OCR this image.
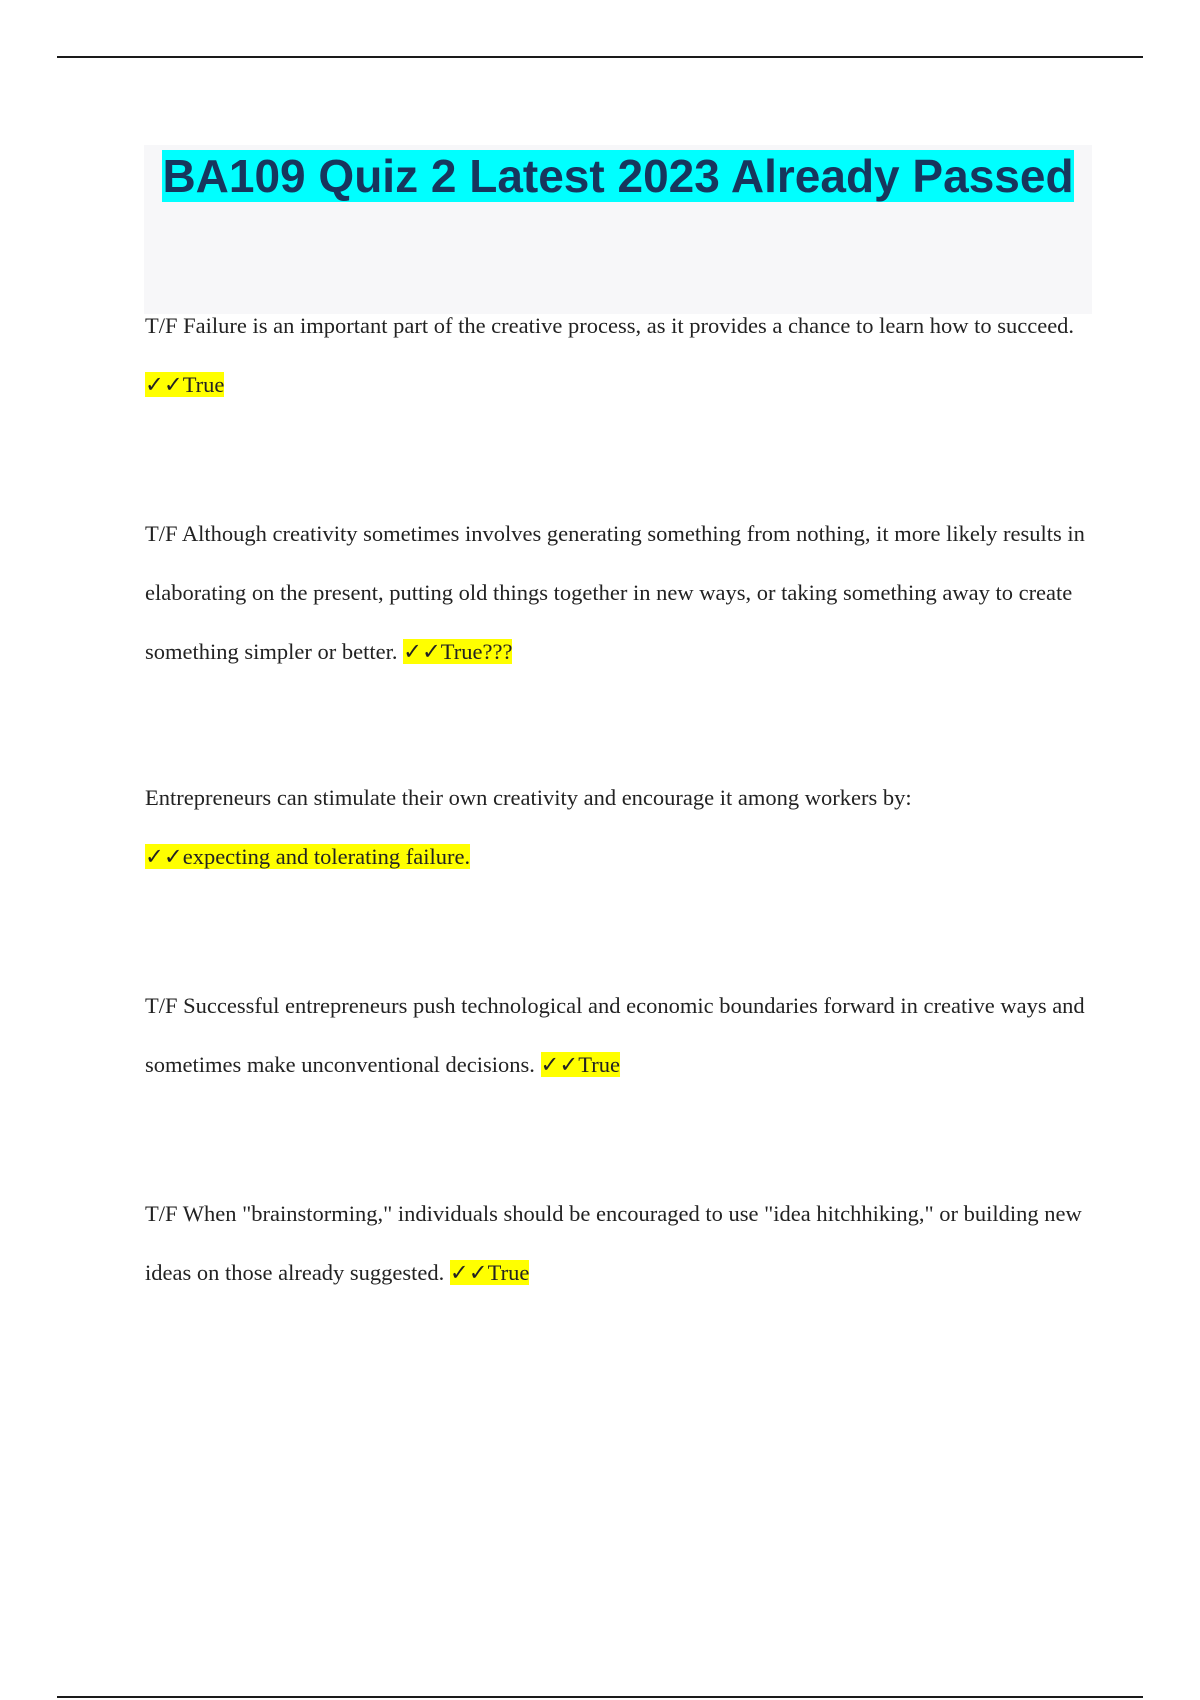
BA109 Quiz 2 Latest 2023 Already Passed

T/F Failure is an important part of the creative process, as it provides a chance to learn how to succeed. ✓✓True

T/F Although creativity sometimes involves generating something from nothing, it more likely results in elaborating on the present, putting old things together in new ways, or taking something away to create something simpler or better. ✓✓True???

Entrepreneurs can stimulate their own creativity and encourage it among workers by:
✓✓expecting and tolerating failure.

T/F Successful entrepreneurs push technological and economic boundaries forward in creative ways and sometimes make unconventional decisions. ✓✓True

T/F When "brainstorming," individuals should be encouraged to use "idea hitchhiking," or building new ideas on those already suggested. ✓✓True
